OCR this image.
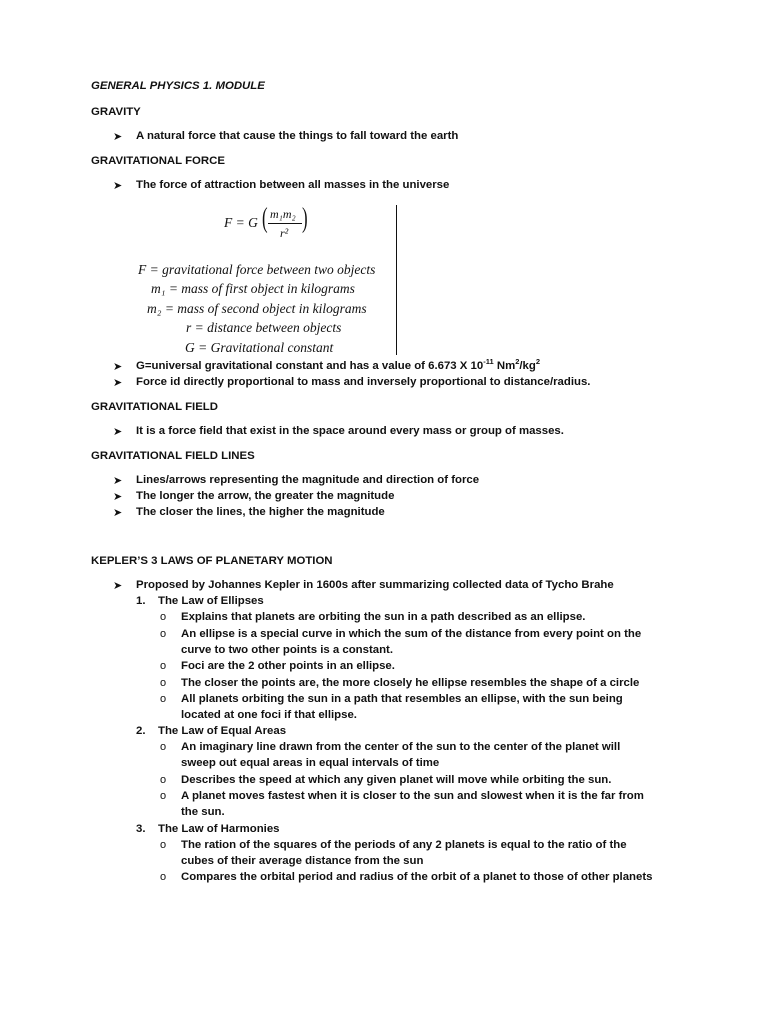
GENERAL PHYSICS 1. MODULE
GRAVITY
➤ A natural force that cause the things to fall toward the earth
GRAVITATIONAL FORCE
➤ The force of attraction between all masses in the universe
F = G ( m₁m₂
r² )
F = gravitational force between two objects
m₁ = mass of first object in kilograms
m₂ = mass of second object in kilograms
r = distance between objects
G = Gravitational constant
➤ G=universal gravitational constant and has a value of 6.673 X $10^{-11}$ $Nm^2/kg^2$
➤ Force id directly proportional to mass and inversely proportional to distance/radius.
GRAVITATIONAL FIELD
➤ It is a force field that exist in the space around every mass or group of masses.
GRAVITATIONAL FIELD LINES
➤ Lines/arrows representing the magnitude and direction of force
➤ The longer the arrow, the greater the magnitude
➤ The closer the lines, the higher the magnitude
KEPLER’S 3 LAWS OF PLANETARY MOTION
➤ Proposed by Johannes Kepler in 1600s after summarizing collected data of Tycho Brahe
1. The Law of Ellipses
o Explains that planets are orbiting the sun in a path described as an ellipse.
o An ellipse is a special curve in which the sum of the distance from every point on the
curve to two other points is a constant.
o Foci are the 2 other points in an ellipse.
o The closer the points are, the more closely he ellipse resembles the shape of a circle
o All planets orbiting the sun in a path that resembles an ellipse, with the sun being
located at one foci if that ellipse.
2. The Law of Equal Areas
o An imaginary line drawn from the center of the sun to the center of the planet will
sweep out equal areas in equal intervals of time
o Describes the speed at which any given planet will move while orbiting the sun.
o A planet moves fastest when it is closer to the sun and slowest when it is the far from
the sun.
3. The Law of Harmonies
o The ration of the squares of the periods of any 2 planets is equal to the ratio of the
cubes of their average distance from the sun
o Compares the orbital period and radius of the orbit of a planet to those of other planets
